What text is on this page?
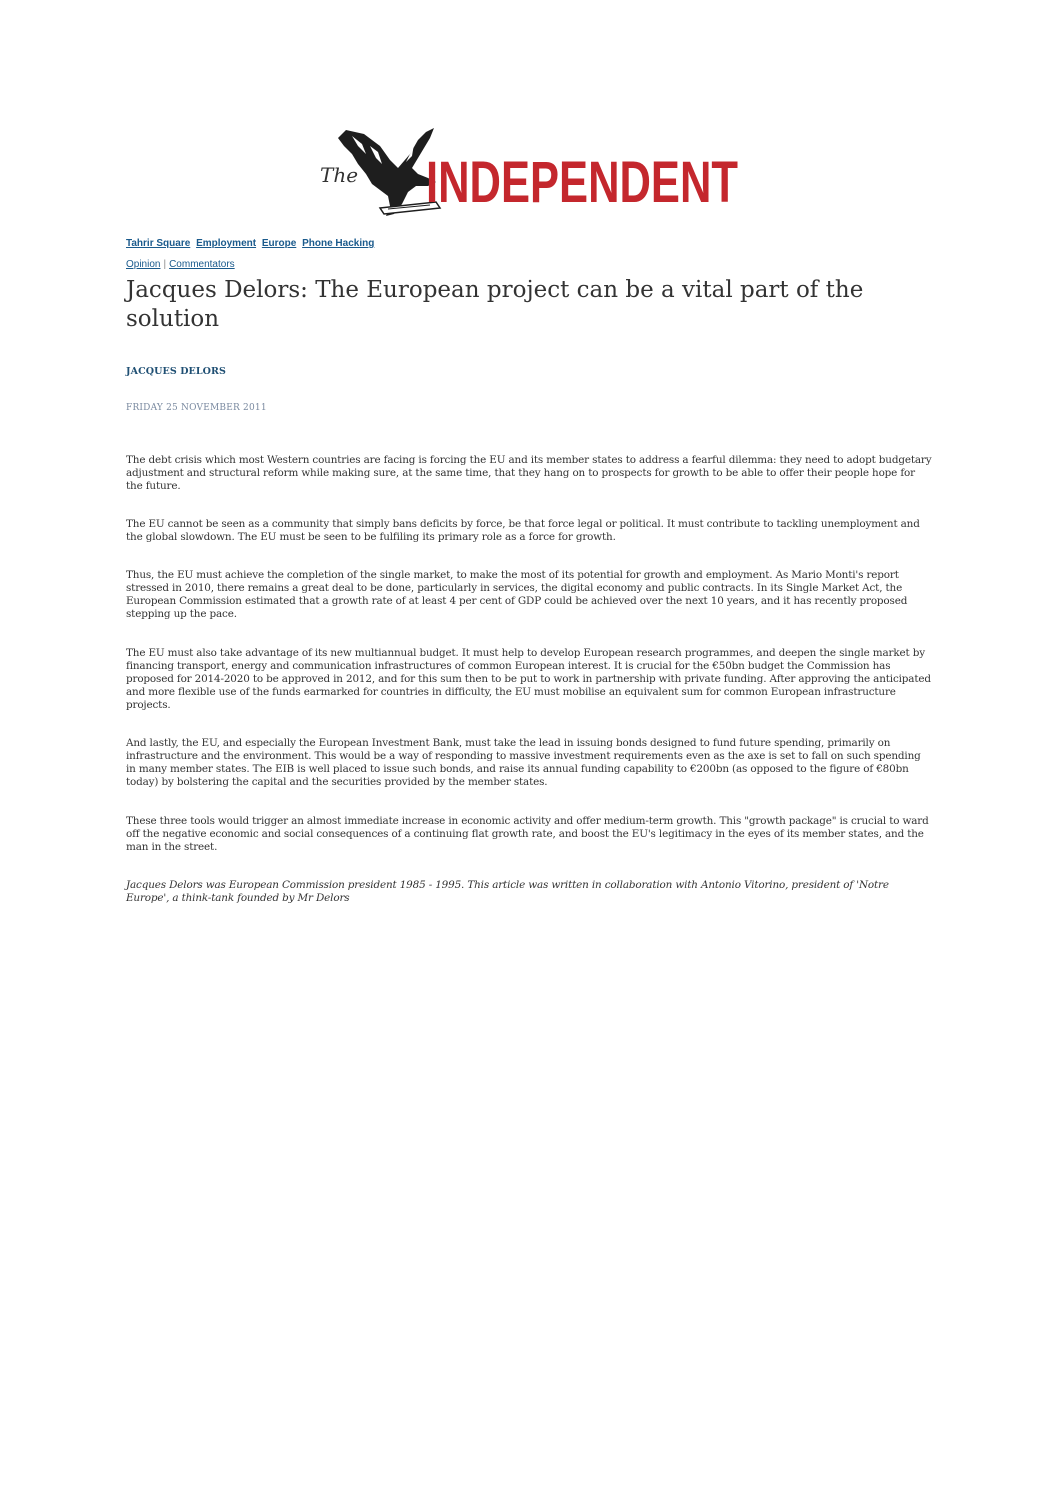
The INDEPENDENT
Tahrir Square Employment Europe Phone Hacking
Opinion | Commentators
Jacques Delors: The European project can be a vital part of the solution
JACQUES DELORS
FRIDAY 25 NOVEMBER 2011

The debt crisis which most Western countries are facing is forcing the EU and its member states to address a fearful dilemma: they need to adopt budgetary adjustment and structural reform while making sure, at the same time, that they hang on to prospects for growth to be able to offer their people hope for the future.

The EU cannot be seen as a community that simply bans deficits by force, be that force legal or political. It must contribute to tackling unemployment and the global slowdown. The EU must be seen to be fulfiling its primary role as a force for growth.

Thus, the EU must achieve the completion of the single market, to make the most of its potential for growth and employment. As Mario Monti's report stressed in 2010, there remains a great deal to be done, particularly in services, the digital economy and public contracts. In its Single Market Act, the European Commission estimated that a growth rate of at least 4 per cent of GDP could be achieved over the next 10 years, and it has recently proposed stepping up the pace.

The EU must also take advantage of its new multiannual budget. It must help to develop European research programmes, and deepen the single market by financing transport, energy and communication infrastructures of common European interest. It is crucial for the €50bn budget the Commission has proposed for 2014-2020 to be approved in 2012, and for this sum then to be put to work in partnership with private funding. After approving the anticipated and more flexible use of the funds earmarked for countries in difficulty, the EU must mobilise an equivalent sum for common European infrastructure projects.

And lastly, the EU, and especially the European Investment Bank, must take the lead in issuing bonds designed to fund future spending, primarily on infrastructure and the environment. This would be a way of responding to massive investment requirements even as the axe is set to fall on such spending in many member states. The EIB is well placed to issue such bonds, and raise its annual funding capability to €200bn (as opposed to the figure of €80bn today) by bolstering the capital and the securities provided by the member states.

These three tools would trigger an almost immediate increase in economic activity and offer medium-term growth. This "growth package" is crucial to ward off the negative economic and social consequences of a continuing flat growth rate, and boost the EU's legitimacy in the eyes of its member states, and the man in the street.

Jacques Delors was European Commission president 1985 - 1995. This article was written in collaboration with Antonio Vitorino, president of 'Notre Europe', a think-tank founded by Mr Delors
